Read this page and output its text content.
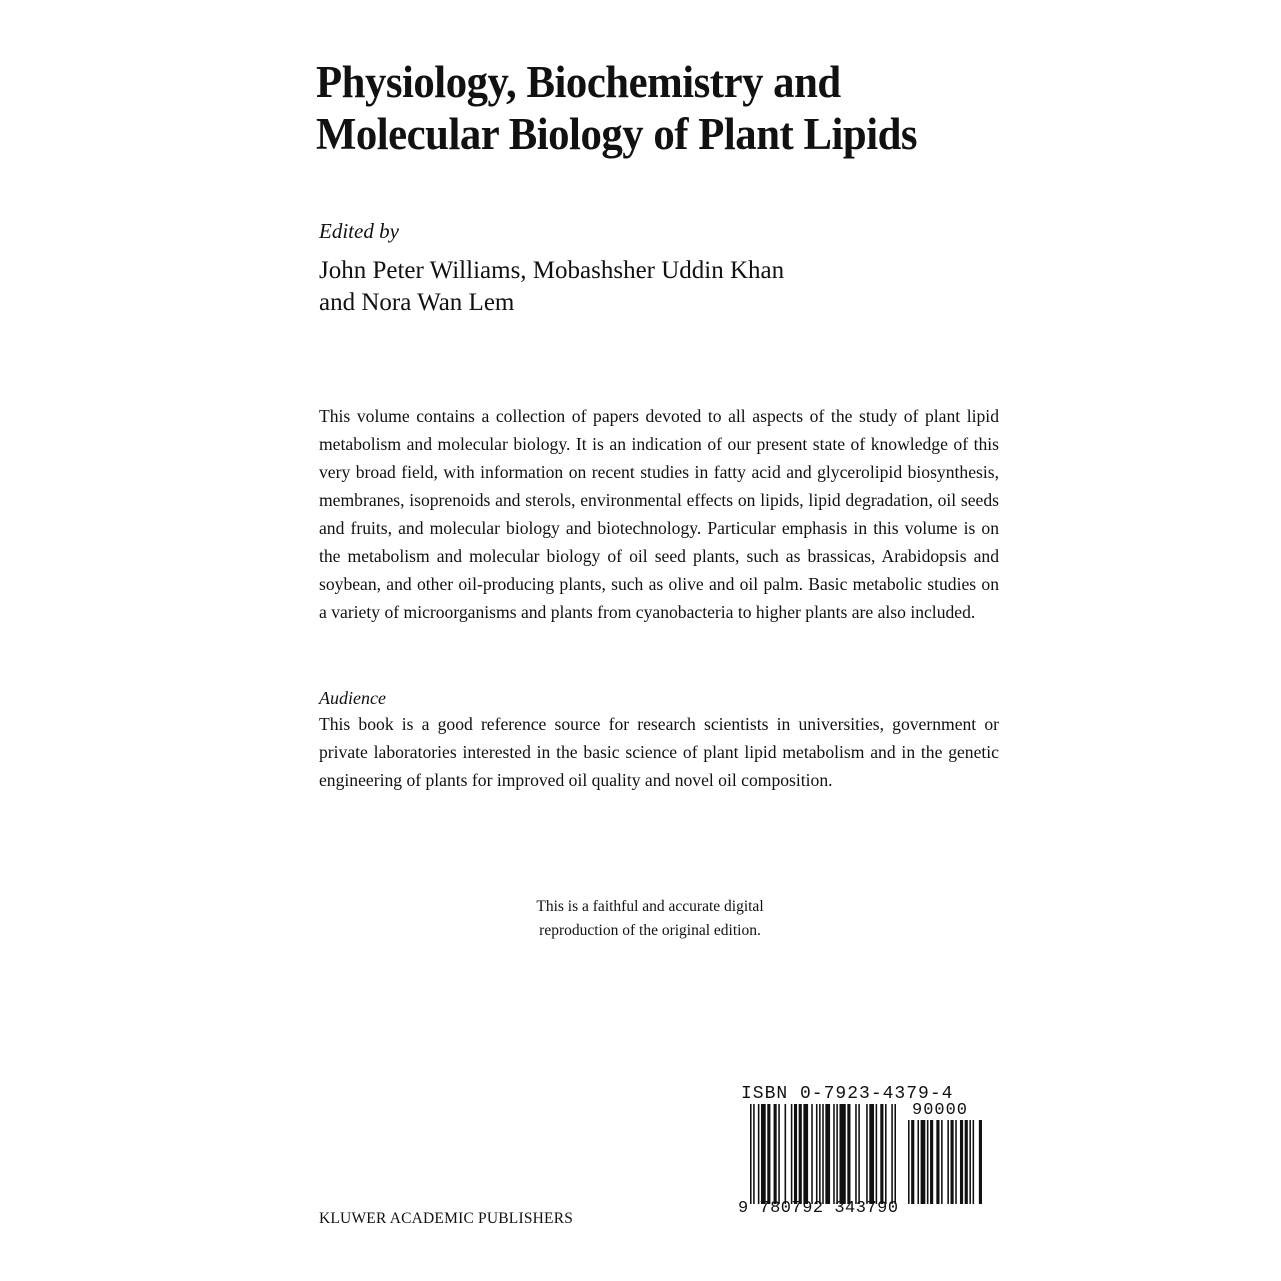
Physiology, Biochemistry and
Molecular Biology of Plant Lipids
Edited by
John Peter Williams, Mobashsher Uddin Khan
and Nora Wan Lem
This volume contains a collection of papers devoted to all aspects of the study of plant lipid metabolism and molecular biology. It is an indication of our present state of knowledge of this very broad field, with information on recent studies in fatty acid and glycerolipid biosynthesis, membranes, isoprenoids and sterols, environmental effects on lipids, lipid degradation, oil seeds and fruits, and molecular biology and biotechnology. Particular emphasis in this volume is on the metabolism and molecular biology of oil seed plants, such as brassicas, Arabidopsis and soybean, and other oil-producing plants, such as olive and oil palm. Basic metabolic studies on a variety of microorganisms and plants from cyanobacteria to higher plants are also included.
Audience
This book is a good reference source for research scientists in universities, government or private laboratories interested in the basic science of plant lipid metabolism and in the genetic engineering of plants for improved oil quality and novel oil composition.
This is a faithful and accurate digital
reproduction of the original edition.
KLUWER ACADEMIC PUBLISHERS
ISBN 0-7923-4379-4
90000
9 780792 343790
